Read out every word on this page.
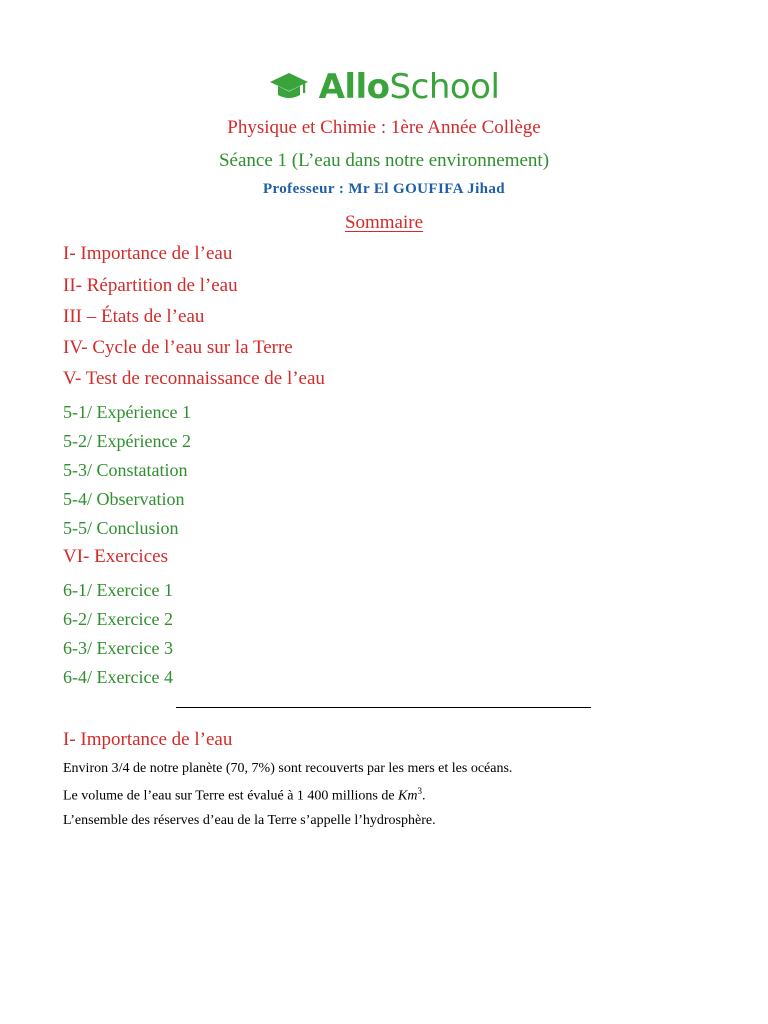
AlloSchool
Physique et Chimie : 1ère Année Collège
Séance 1 (L’eau dans notre environnement)
Professeur : Mr El GOUFIFA Jihad
Sommaire
I- Importance de l’eau
II- Répartition de l’eau
III – États de l’eau
IV- Cycle de l’eau sur la Terre
V- Test de reconnaissance de l’eau
5-1/ Expérience 1
5-2/ Expérience 2
5-3/ Constatation
5-4/ Observation
5-5/ Conclusion
VI- Exercices
6-1/ Exercice 1
6-2/ Exercice 2
6-3/ Exercice 3
6-4/ Exercice 4
I- Importance de l’eau
Environ 3/4 de notre planète (70, 7%) sont recouverts par les mers et les océans.
Le volume de l’eau sur Terre est évalué à 1 400 millions de Km$^3$.
L’ensemble des réserves d’eau de la Terre s’appelle l’hydrosphère.
